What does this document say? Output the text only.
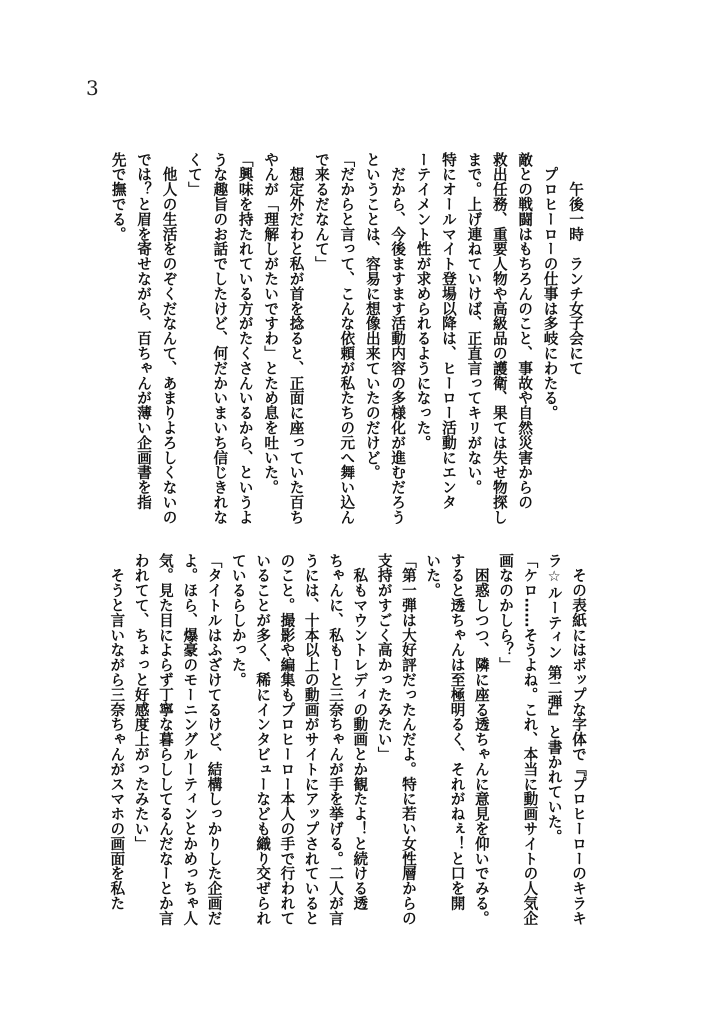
3
　　午後一時　ランチ女子会にて
　プロヒーローの仕事は多岐にわたる。
敵との戦闘はもちろんのこと、事故や自然災害からの
救出任務、重要人物や高級品の護衛、果ては失せ物探し
まで。上げ連ねていけば、正直言ってキリがない。
特にオールマイト登場以降は、ヒーロー活動にエンタ
ーテイメント性が求められるようになった。
　だから、今後ますます活動内容の多様化が進むだろう
ということは、容易に想像出来ていたのだけど。
「だからと言って、こんな依頼が私たちの元へ舞い込ん
で来るだなんて」
　想定外だわと私が首を捻ると、正面に座っていた百ち
やんが「理解しがたいですわ」とため息を吐いた。
「興味を持たれている方がたくさんいるから、というよ
うな趣旨のお話でしたけど、何だかいまいち信じきれな
くて」
　他人の生活をのぞくだなんて、あまりよろしくないの
では？と眉を寄せながら、百ちゃんが薄い企画書を指
先で撫でる。
　その表紙にはポップな字体で『プロヒーローのキラキ
ラ☆ルーティン 第二弾』と書かれていた。
「ケロ……そうよね。これ、本当に動画サイトの人気企
画なのかしら？」
　困惑しつつ、隣に座る透ちゃんに意見を仰いでみる。
すると透ちゃんは至極明るく、それがねぇ！と口を開
いた。
「第一弾は大好評だったんだよ。特に若い女性層からの
支持がすごく高かったみたい」
　私もマウントレディの動画とか観たよ！と続ける透
ちゃんに、私もーと三奈ちゃんが手を挙げる。二人が言
うには、十本以上の動画がサイトにアップされていると
のこと。撮影や編集もプロヒーロー本人の手で行われて
いることが多く、稀にインタビューなども織り交ぜられ
ているらしかった。
「タイトルはふざけてるけど、結構しっかりした企画だ
よ。ほら、爆豪のモーニングルーティンとかめっちゃ人
気。見た目によらず丁寧な暮らししてるんだなーとか言
われてて、ちょっと好感度上がったみたい」
　そうと言いながら三奈ちゃんがスマホの画面を私た
